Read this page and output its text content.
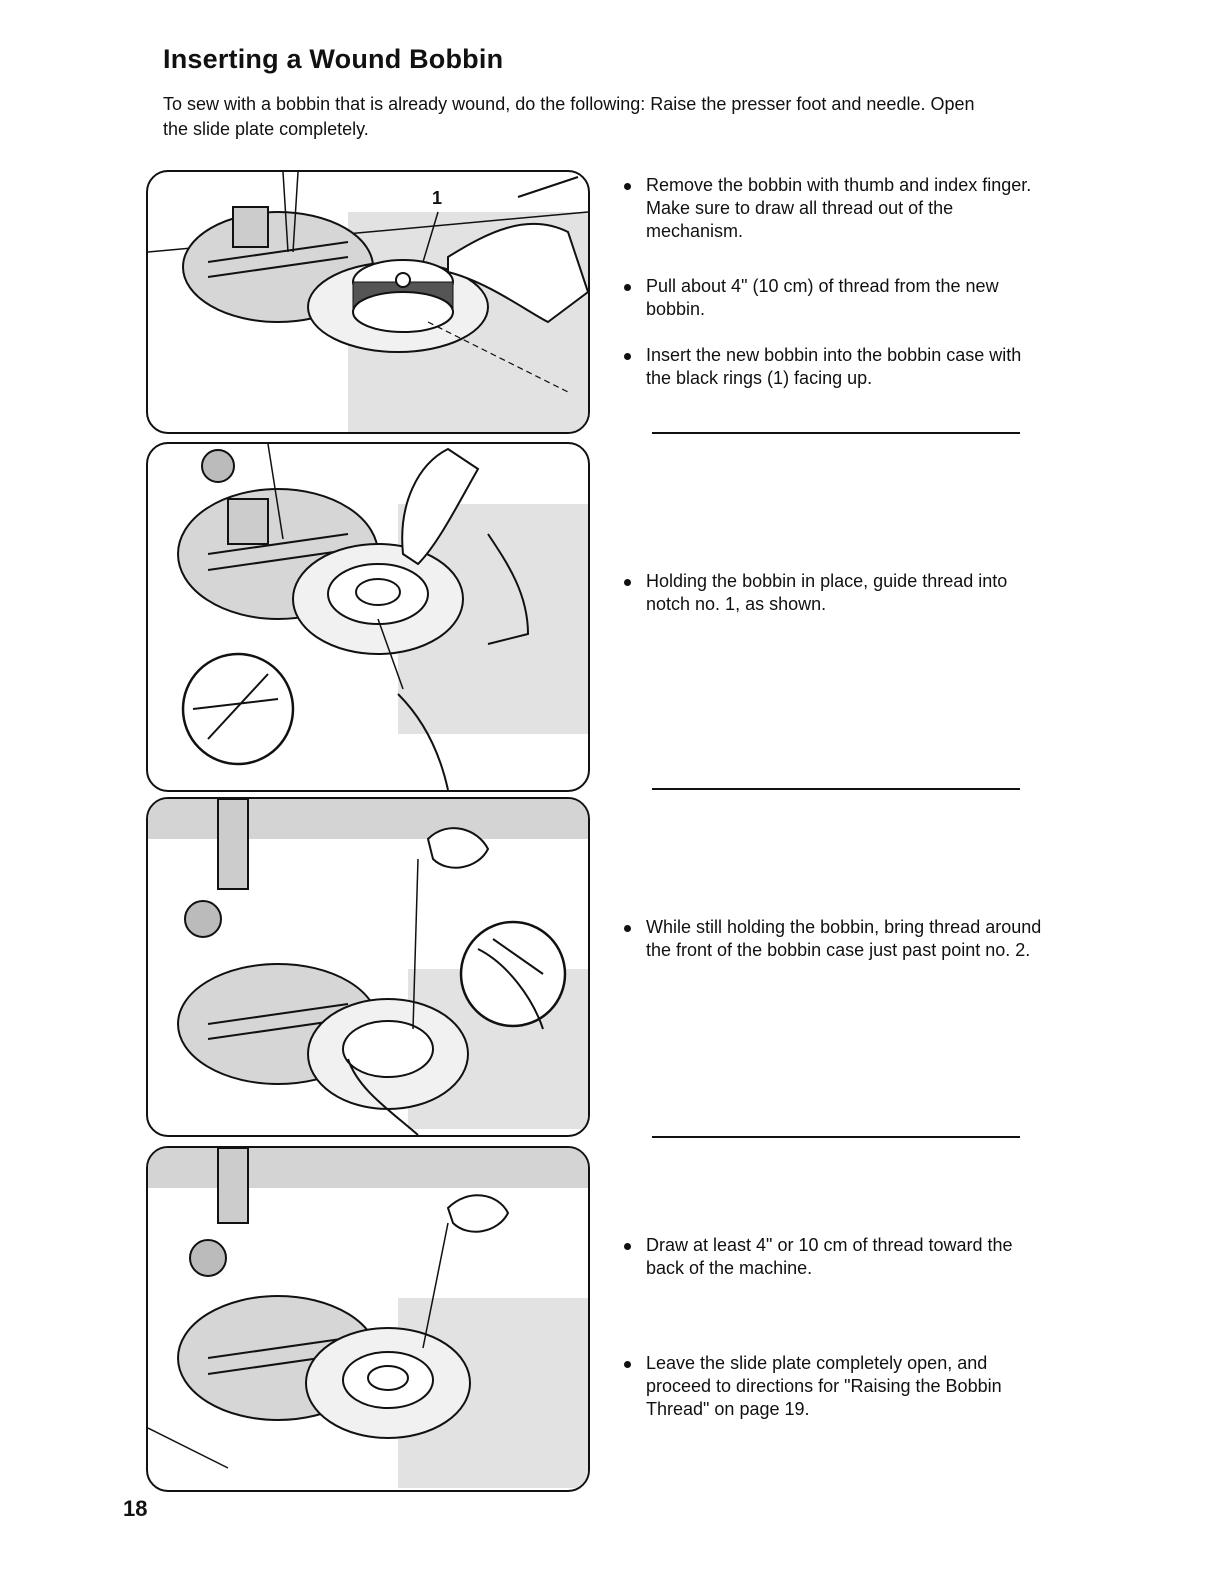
Inserting a Wound Bobbin

To sew with a bobbin that is already wound, do the following: Raise the presser foot and needle. Open the slide plate completely.

1

Remove the bobbin with thumb and index finger. Make sure to draw all thread out of the mechanism.

Pull about 4" (10 cm) of thread from the new bobbin.

Insert the new bobbin into the bobbin case with the black rings (1) facing up.

Holding the bobbin in place, guide thread into notch no. 1, as shown.

While still holding the bobbin, bring thread around the front of the bobbin case just past point no. 2.

Draw at least 4" or 10 cm of thread toward the back of the machine.

Leave the slide plate completely open, and proceed to directions for "Raising the Bobbin Thread" on page 19.

18
